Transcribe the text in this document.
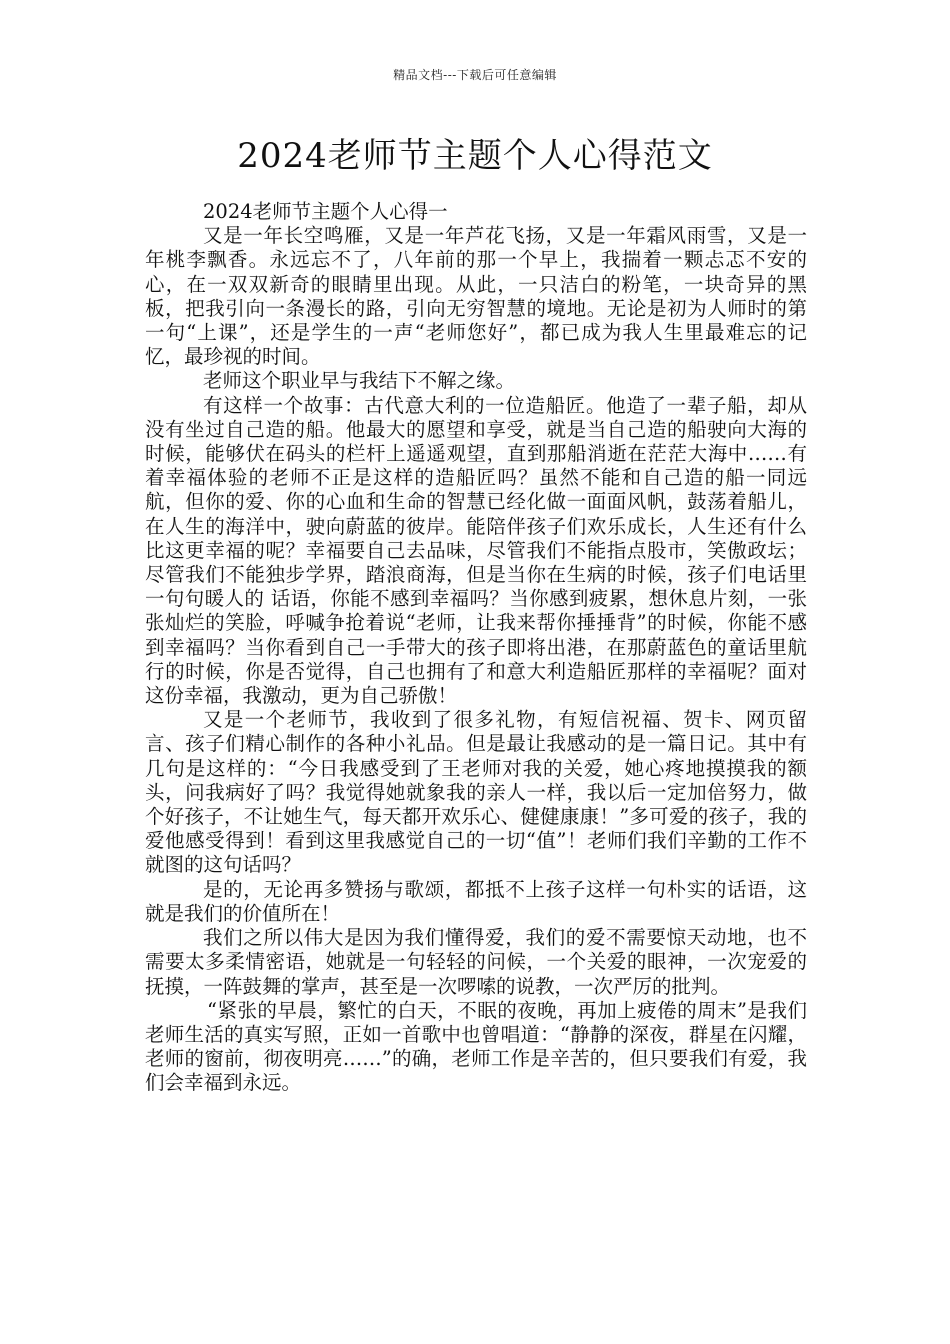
精品文档---下载后可任意编辑
2024老师节主题个人心得范文

2024老师节主题个人心得一

又是一年长空鸣雁，又是一年芦花飞扬，又是一年霜风雨雪，又是一年桃李飘香。永远忘不了，八年前的那一个早上，我揣着一颗忐忑不安的心，在一双双新奇的眼睛里出现。从此，一只洁白的粉笔，一块奇异的黑板，把我引向一条漫长的路，引向无穷智慧的境地。无论是初为人师时的第一句“上课”，还是学生的一声“老师您好”，都已成为我人生里最难忘的记忆，最珍视的时间。

老师这个职业早与我结下不解之缘。

有这样一个故事：古代意大利的一位造船匠。他造了一辈子船，却从没有坐过自己造的船。他最大的愿望和享受，就是当自己造的船驶向大海的时候，能够伏在码头的栏杆上遥遥观望，直到那船消逝在茫茫大海中……有着幸福体验的老师不正是这样的造船匠吗？虽然不能和自己造的船一同远航，但你的爱、你的心血和生命的智慧已经化做一面面风帆，鼓荡着船儿，在人生的海洋中，驶向蔚蓝的彼岸。能陪伴孩子们欢乐成长，人生还有什么比这更幸福的呢？幸福要自己去品味，尽管我们不能指点股市，笑傲政坛；尽管我们不能独步学界，踏浪商海，但是当你在生病的时候，孩子们电话里一句句暖人的 话语，你能不感到幸福吗？当你感到疲累，想休息片刻，一张张灿烂的笑脸，呼喊争抢着说“老师，让我来帮你捶捶背”的时候，你能不感到幸福吗？当你看到自己一手带大的孩子即将出港，在那蔚蓝色的童话里航行的时候，你是否觉得，自己也拥有了和意大利造船匠那样的幸福呢？面对这份幸福，我激动，更为自己骄傲！

又是一个老师节，我收到了很多礼物，有短信祝福、贺卡、网页留言、孩子们精心制作的各种小礼品。但是最让我感动的是一篇日记。其中有几句是这样的：“今日我感受到了王老师对我的关爱，她心疼地摸摸我的额头，问我病好了吗？我觉得她就象我的亲人一样，我以后一定加倍努力，做个好孩子，不让她生气，每天都开欢乐心、健健康康！”多可爱的孩子，我的爱他感受得到！看到这里我感觉自己的一切“值”！老师们我们辛勤的工作不就图的这句话吗？

是的，无论再多赞扬与歌颂，都抵不上孩子这样一句朴实的话语，这就是我们的价值所在！

我们之所以伟大是因为我们懂得爱，我们的爱不需要惊天动地，也不需要太多柔情密语，她就是一句轻轻的问候，一个关爱的眼神，一次宠爱的抚摸，一阵鼓舞的掌声，甚至是一次啰嗦的说教，一次严厉的批判。

“紧张的早晨，繁忙的白天，不眠的夜晚，再加上疲倦的周末”是我们老师生活的真实写照，正如一首歌中也曾唱道：“静静的深夜，群星在闪耀，老师的窗前，彻夜明亮……”的确，老师工作是辛苦的，但只要我们有爱，我们会幸福到永远。
